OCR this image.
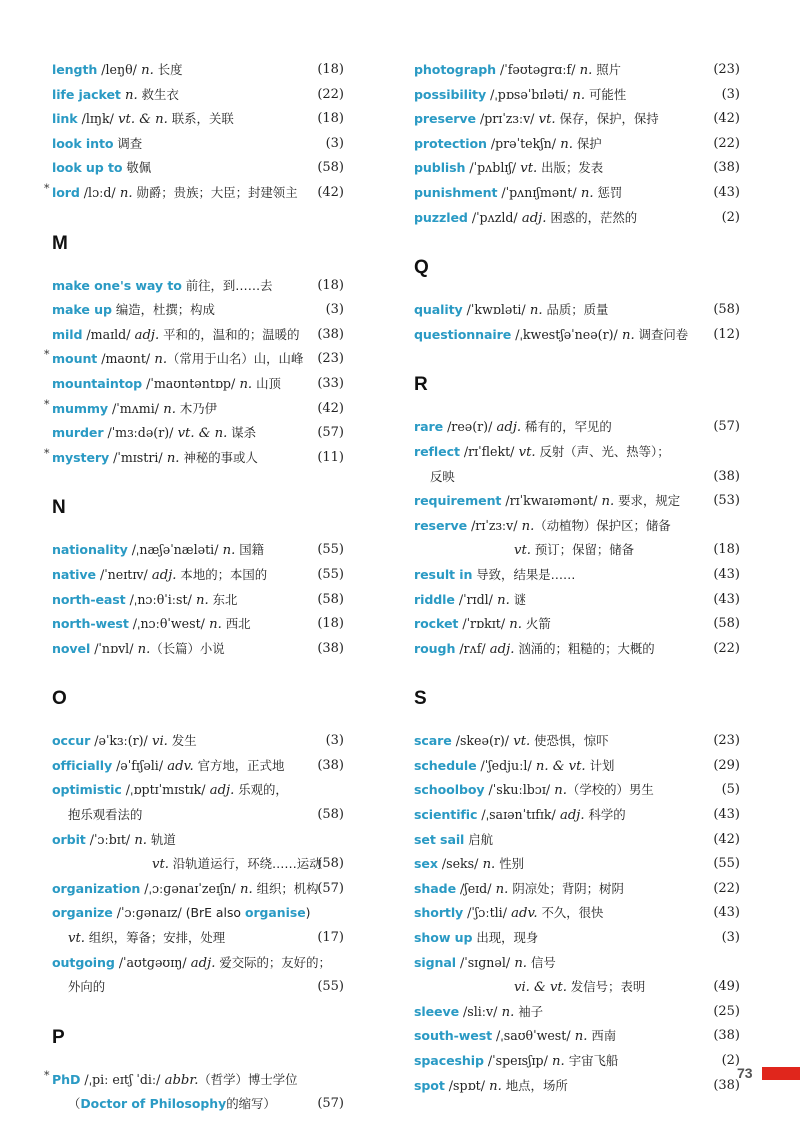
length /leŋθ/ n. 长度	(18)
life jacket n. 救生衣	(22)
link /lɪŋk/ vt. & n. 联系，关联	(18)
look into 调查	(3)
look up to 敬佩	(58)
* lord /lɔːd/ n. 勋爵；贵族；大臣；封建领主 (42)
M
make one's way to 前往，到……去	(18)
make up 编造，杜撰；构成	(3)
mild /maɪld/ adj. 平和的，温和的；温暖的 (38)
* mount /maʊnt/ n.（常用于山名）山，山峰 (23)
mountaintop /ˈmaʊntəntɒp/ n. 山顶	(33)
* mummy /ˈmʌmi/ n. 木乃伊	(42)
murder /ˈmɜːdə(r)/ vt. & n. 谋杀	(57)
* mystery /ˈmɪstri/ n. 神秘的事或人	(11)
N
nationality /ˌnæʃəˈnæləti/ n. 国籍	(55)
native /ˈneɪtɪv/ adj. 本地的；本国的	(55)
north-east /ˌnɔːθˈiːst/ n. 东北	(58)
north-west /ˌnɔːθˈwest/ n. 西北	(18)
novel /ˈnɒvl/ n.（长篇）小说	(38)
O
occur /əˈkɜː(r)/ vi. 发生	(3)
officially /əˈfɪʃəli/ adv. 官方地，正式地	(38)
optimistic /ˌɒptɪˈmɪstɪk/ adj. 乐观的，
抱乐观看法的	(58)
orbit /ˈɔːbɪt/ n. 轨道
vt. 沿轨道运行，环绕……运动
(58)
organization /ˌɔːɡənaɪˈzeɪʃn/ n. 组织；机构
(57)
organize /ˈɔːɡənaɪz/ (BrE also organise)
vt. 组织，筹备；安排，处理	(17)
outgoing /ˈaʊtɡəʊɪŋ/ adj. 爱交际的；友好的；
外向的	(55)
P
* PhD /ˌpiː eɪtʃ ˈdiː/ abbr.（哲学）博士学位
（Doctor of Philosophy的缩写）	(57)
photograph /ˈfəʊtəɡrɑːf/ n. 照片	(23)
possibility /ˌpɒsəˈbɪləti/ n. 可能性	(3)
preserve /prɪˈzɜːv/ vt. 保存，保护，保持	(42)
protection /prəˈtekʃn/ n. 保护	(22)
publish /ˈpʌblɪʃ/ vt. 出版；发表	(38)
punishment /ˈpʌnɪʃmənt/ n. 惩罚	(43)
puzzled /ˈpʌzld/ adj. 困惑的，茫然的	(2)
Q
quality /ˈkwɒləti/ n. 品质；质量	(58)
questionnaire /ˌkwestʃəˈneə(r)/ n. 调查问卷 (12)
R
rare /reə(r)/ adj. 稀有的，罕见的	(57)
reflect /rɪˈflekt/ vt. 反射（声、光、热等）；
反映	(38)
requirement /rɪˈkwaɪəmənt/ n. 要求，规定	(53)
reserve /rɪˈzɜːv/ n.（动植物）保护区；储备
vt. 预订；保留；储备	(18)
result in 导致，结果是……	(43)
riddle /ˈrɪdl/ n. 谜	(43)
rocket /ˈrɒkɪt/ n. 火箭	(58)
rough /rʌf/ adj. 汹涌的；粗糙的；大概的	(22)
S
scare /skeə(r)/ vt. 使恐惧，惊吓	(23)
schedule /ˈʃedjuːl/ n. & vt. 计划	(29)
schoolboy /ˈskuːlbɔɪ/ n.（学校的）男生	(5)
scientific /ˌsaɪənˈtɪfɪk/ adj. 科学的	(43)
set sail 启航	(42)
sex /seks/ n. 性别	(55)
shade /ʃeɪd/ n. 阴凉处；背阴；树阴	(22)
shortly /ˈʃɔːtli/ adv. 不久，很快	(43)
show up 出现，现身	(3)
signal /ˈsɪɡnəl/ n. 信号
vi. & vt. 发信号；表明	(49)
sleeve /sliːv/ n. 袖子	(25)
south-west /ˌsaʊθˈwest/ n. 西南	(38)
spaceship /ˈspeɪsʃɪp/ n. 宇宙飞船	(2)
spot /spɒt/ n. 地点，场所	(38)
73
